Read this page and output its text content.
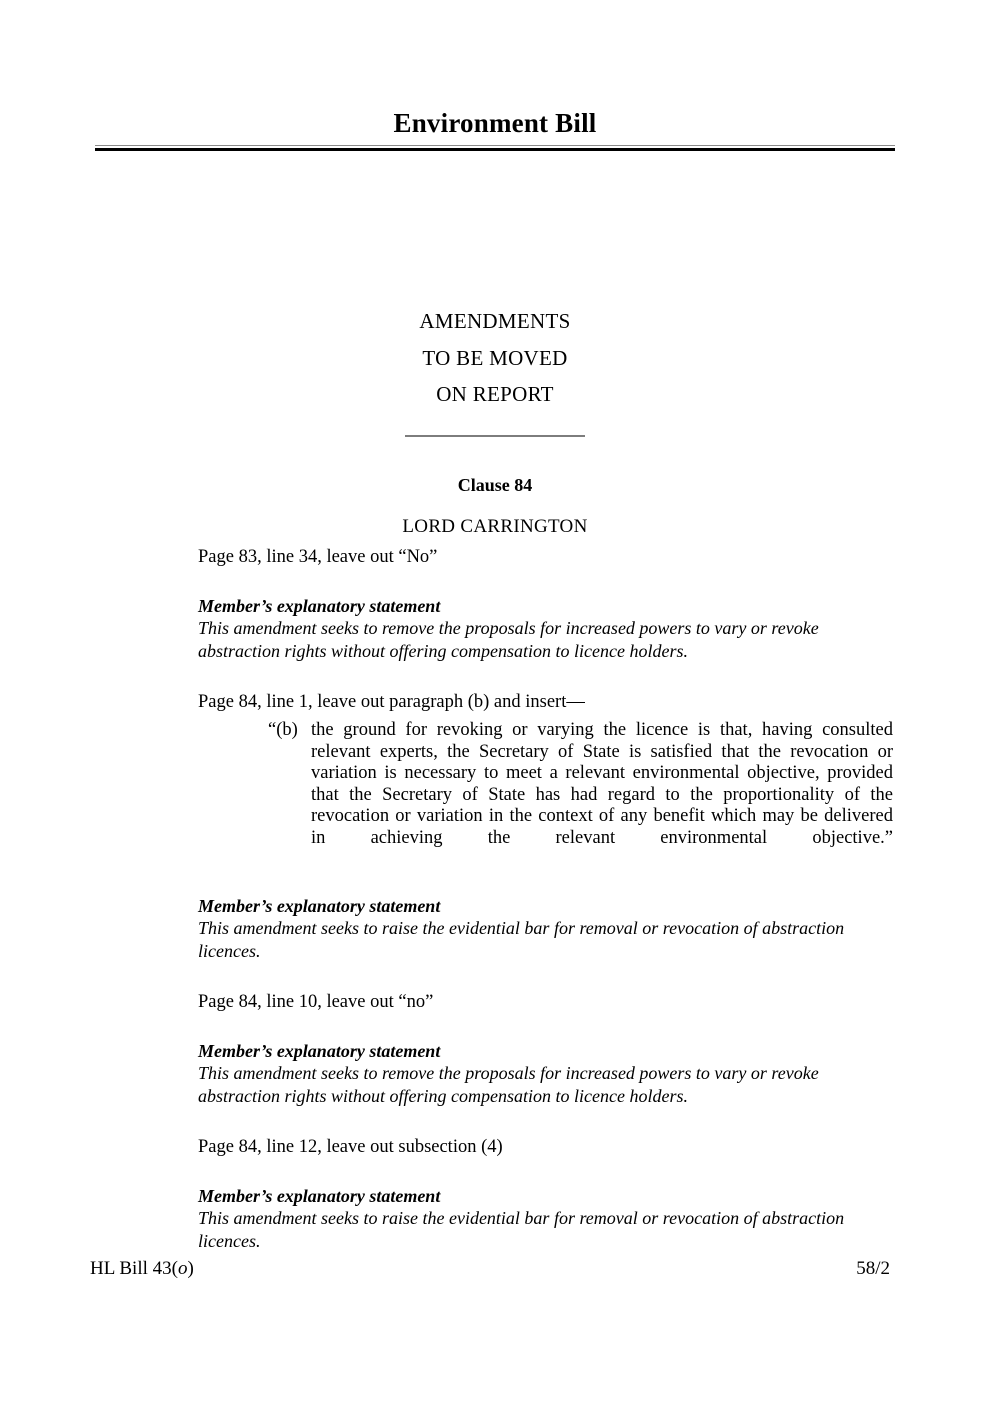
Environment Bill
AMENDMENTS
TO BE MOVED
ON REPORT
Clause 84
LORD CARRINGTON

Page 83, line 34, leave out “No”

Member’s explanatory statement

This amendment seeks to remove the proposals for increased powers to vary or revoke abstraction rights without offering compensation to licence holders.

Page 84, line 1, leave out paragraph (b) and insert—

“(b) the ground for revoking or varying the licence is that, having consulted relevant experts, the Secretary of State is satisfied that the revocation or variation is necessary to meet a relevant environmental objective, provided that the Secretary of State has had regard to the proportionality of the revocation or variation in the context of any benefit which may be delivered in achieving the relevant environmental objective.”

Member’s explanatory statement

This amendment seeks to raise the evidential bar for removal or revocation of abstraction licences.

Page 84, line 10, leave out “no”

Member’s explanatory statement

This amendment seeks to remove the proposals for increased powers to vary or revoke abstraction rights without offering compensation to licence holders.

Page 84, line 12, leave out subsection (4)

Member’s explanatory statement

This amendment seeks to raise the evidential bar for removal or revocation of abstraction licences.

HL Bill 43(o)	58/2
